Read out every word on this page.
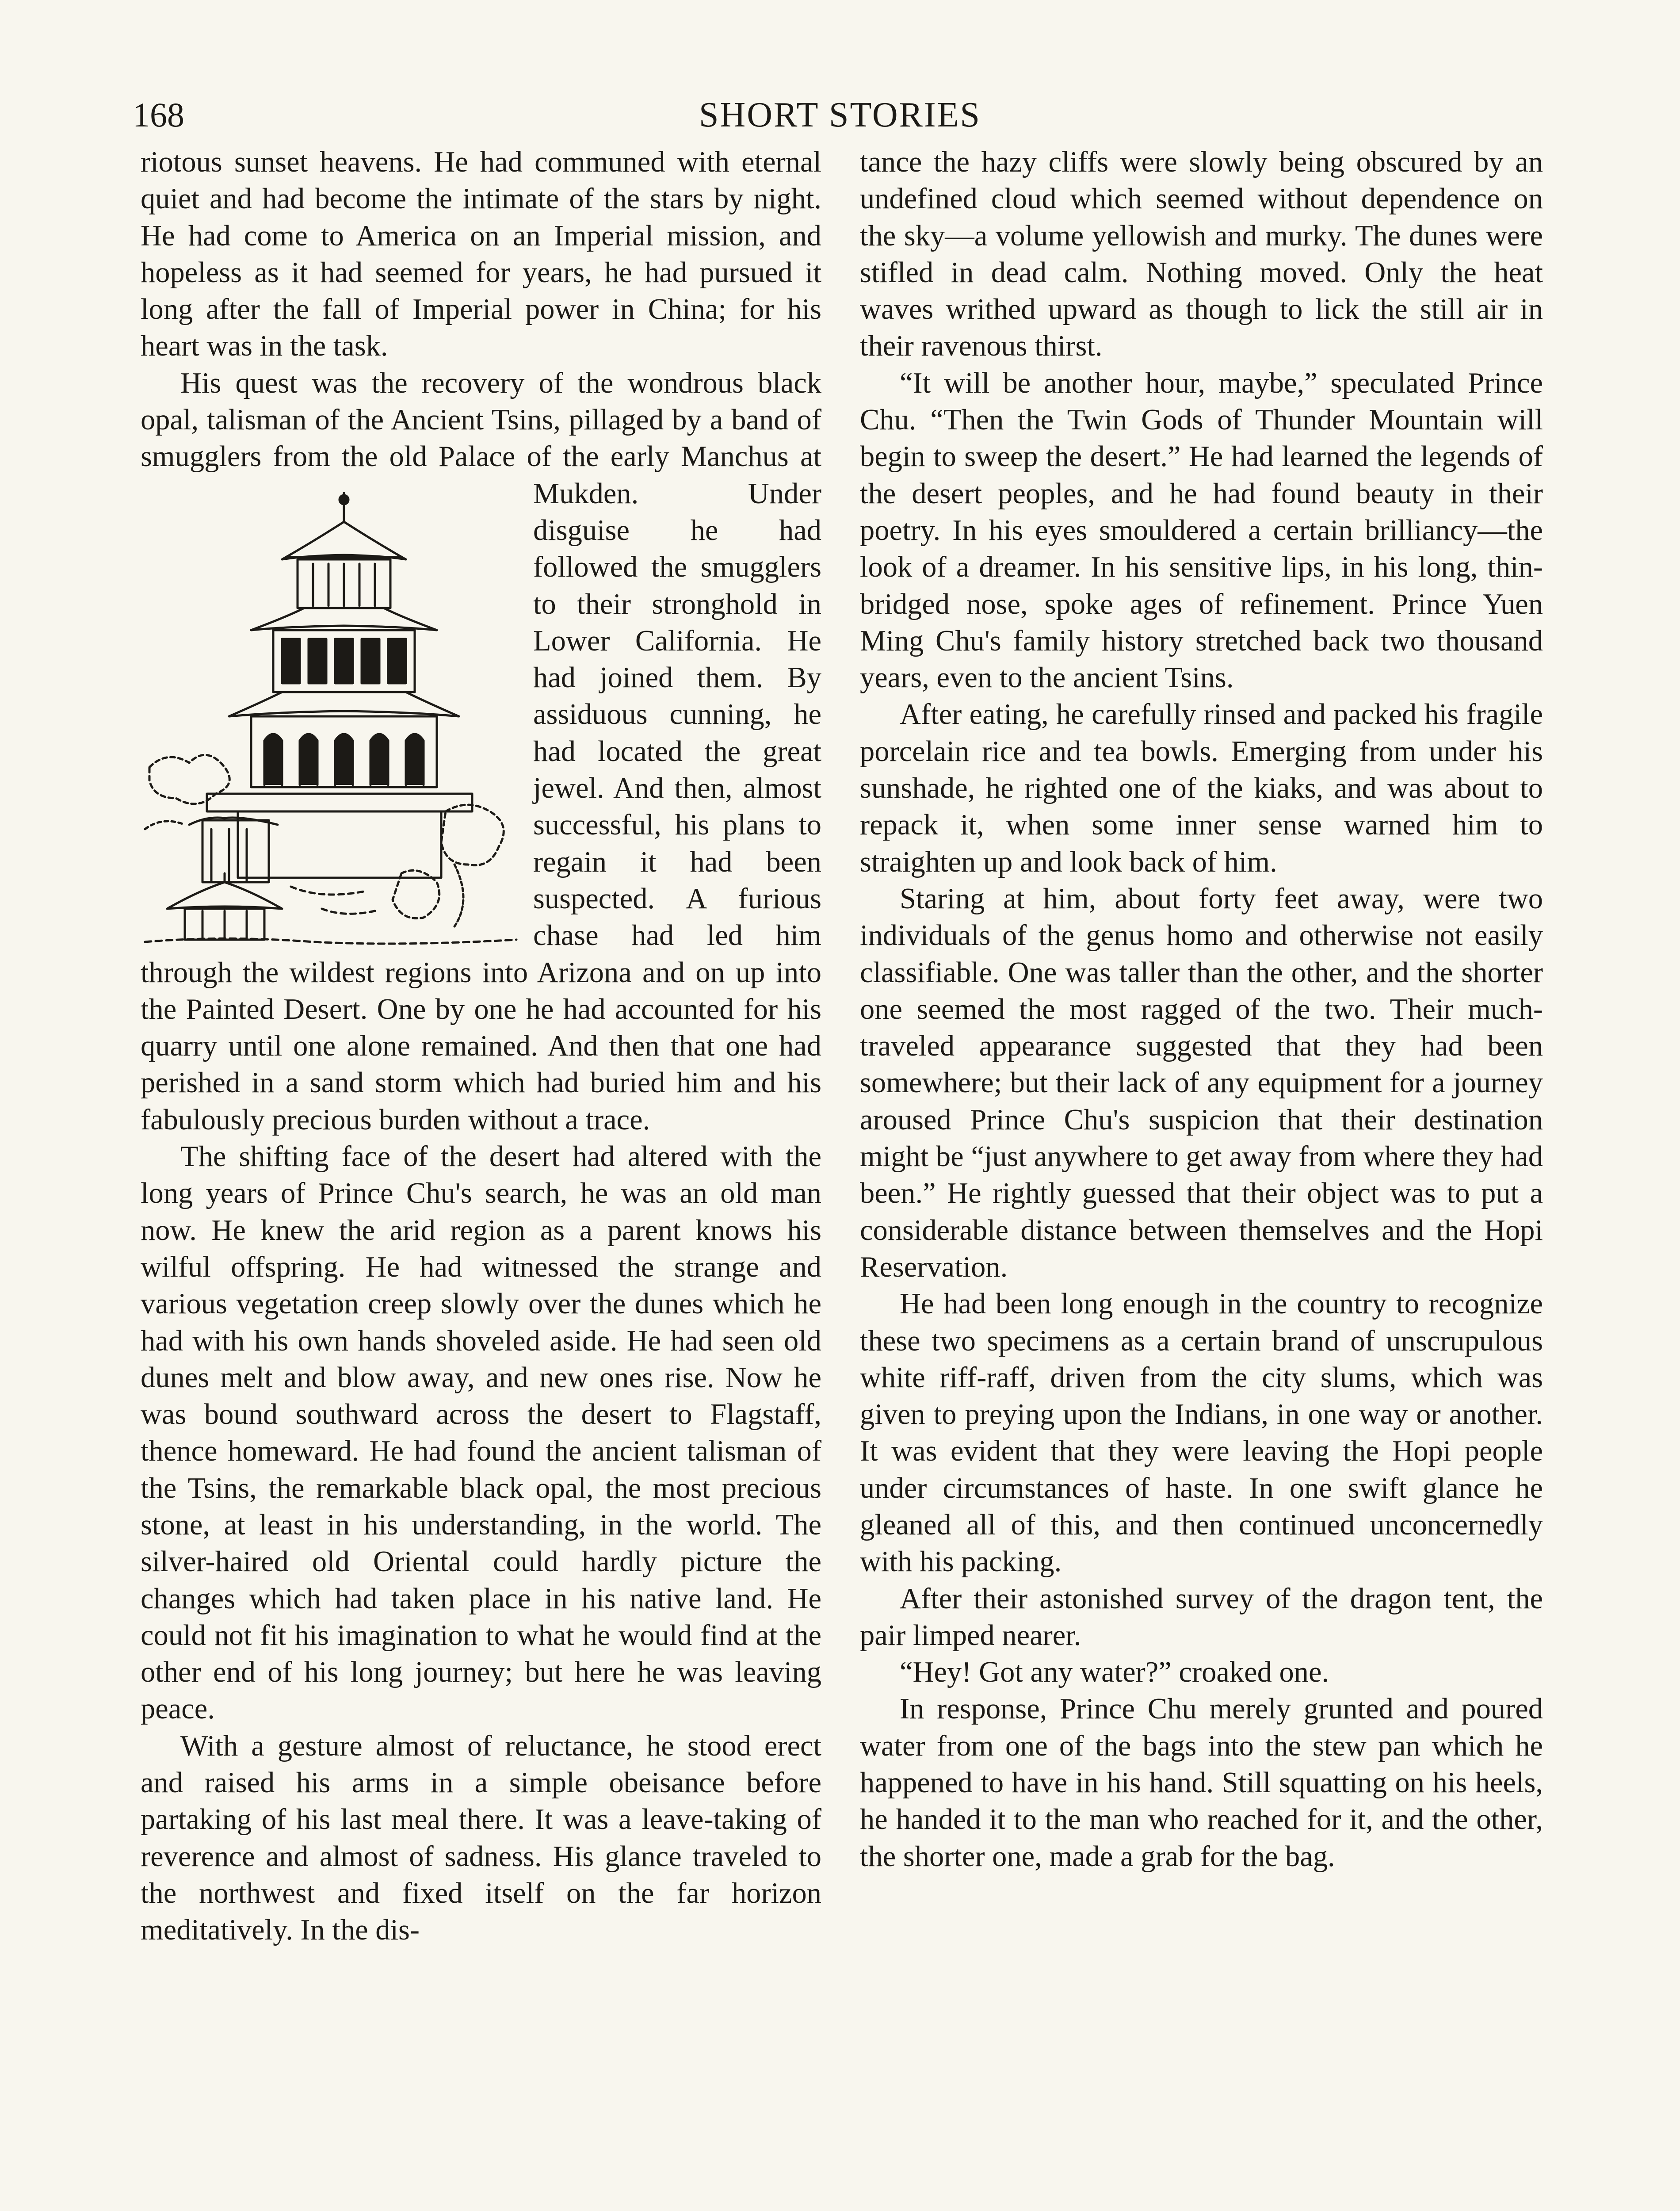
168	SHORT STORIES

riotous sunset heavens. He had communed with eternal quiet and had become the intimate of the stars by night. He had come to America on an Imperial mission, and hopeless as it had seemed for years, he had pursued it long after the fall of Imperial power in China; for his heart was in the task.

His quest was the recovery of the wondrous black opal, talisman of the Ancient Tsins, pillaged by a band of smugglers from the old Palace of the early
Manchus at Mukden. Under disguise he had followed the smugglers to their stronghold in Lower California. He had joined them. By assiduous cunning, he had located the great jewel. And then, almost successful, his plans to regain it had been suspected. A furious chase had led him through the wildest regions into Arizona and on up into the Painted Desert. One by one he had accounted for his quarry until one alone remained. And then that one had perished in a sand storm which had buried him and his fabulously precious burden without a trace.

The shifting face of the desert had altered with the long years of Prince Chu's search, he was an old man now. He knew the arid region as a parent knows his wilful offspring. He had witnessed the strange and various vegetation creep slowly over the dunes which he had with his own hands shoveled aside. He had seen old dunes melt and blow away, and new ones rise. Now he was bound southward across the desert to Flagstaff, thence homeward. He had found the ancient talisman of the Tsins, the remarkable black opal, the most precious stone, at least in his understanding, in the world. The silver-haired old Oriental could hardly picture the changes which had taken place in his native land. He could not fit his imagination to what he would find at the other end of his long journey; but here he was leaving peace.

With a gesture almost of reluctance, he stood erect and raised his arms in a simple obeisance before partaking of his last meal there. It was a leave-taking of reverence and almost of sadness. His glance traveled to the northwest and fixed itself on the far horizon meditatively. In the dis-

tance the hazy cliffs were slowly being obscured by an undefined cloud which seemed without dependence on the sky—a volume yellowish and murky. The dunes were stifled in dead calm. Nothing moved. Only the heat waves writhed upward as though to lick the still air in their ravenous thirst.

“It will be another hour, maybe,” speculated Prince Chu. “Then the Twin Gods of Thunder Mountain will begin to sweep the desert.” He had learned the legends of the desert peoples, and he had found beauty in their poetry. In his eyes smouldered a certain brilliancy—the look of a dreamer. In his sensitive lips, in his long, thin-bridged nose, spoke ages of refinement. Prince Yuen Ming Chu's family history stretched back two thousand years, even to the ancient Tsins.

After eating, he carefully rinsed and packed his fragile porcelain rice and tea bowls. Emerging from under his sunshade, he righted one of the kiaks, and was about to repack it, when some inner sense warned him to straighten up and look back of him.

Staring at him, about forty feet away, were two individuals of the genus homo and otherwise not easily classifiable. One was taller than the other, and the shorter one seemed the most ragged of the two. Their much-traveled appearance suggested that they had been somewhere; but their lack of any equipment for a journey aroused Prince Chu's suspicion that their destination might be “just anywhere to get away from where they had been.” He rightly guessed that their object was to put a considerable distance between themselves and the Hopi Reservation.

He had been long enough in the country to recognize these two specimens as a certain brand of unscrupulous white riff-raff, driven from the city slums, which was given to preying upon the Indians, in one way or another. It was evident that they were leaving the Hopi people under circumstances of haste. In one swift glance he gleaned all of this, and then continued unconcernedly with his packing.

After their astonished survey of the dragon tent, the pair limped nearer.

“Hey! Got any water?” croaked one.

In response, Prince Chu merely grunted and poured water from one of the bags into the stew pan which he happened to have in his hand. Still squatting on his heels, he handed it to the man who reached for it, and the other, the shorter one, made a grab for the bag.
